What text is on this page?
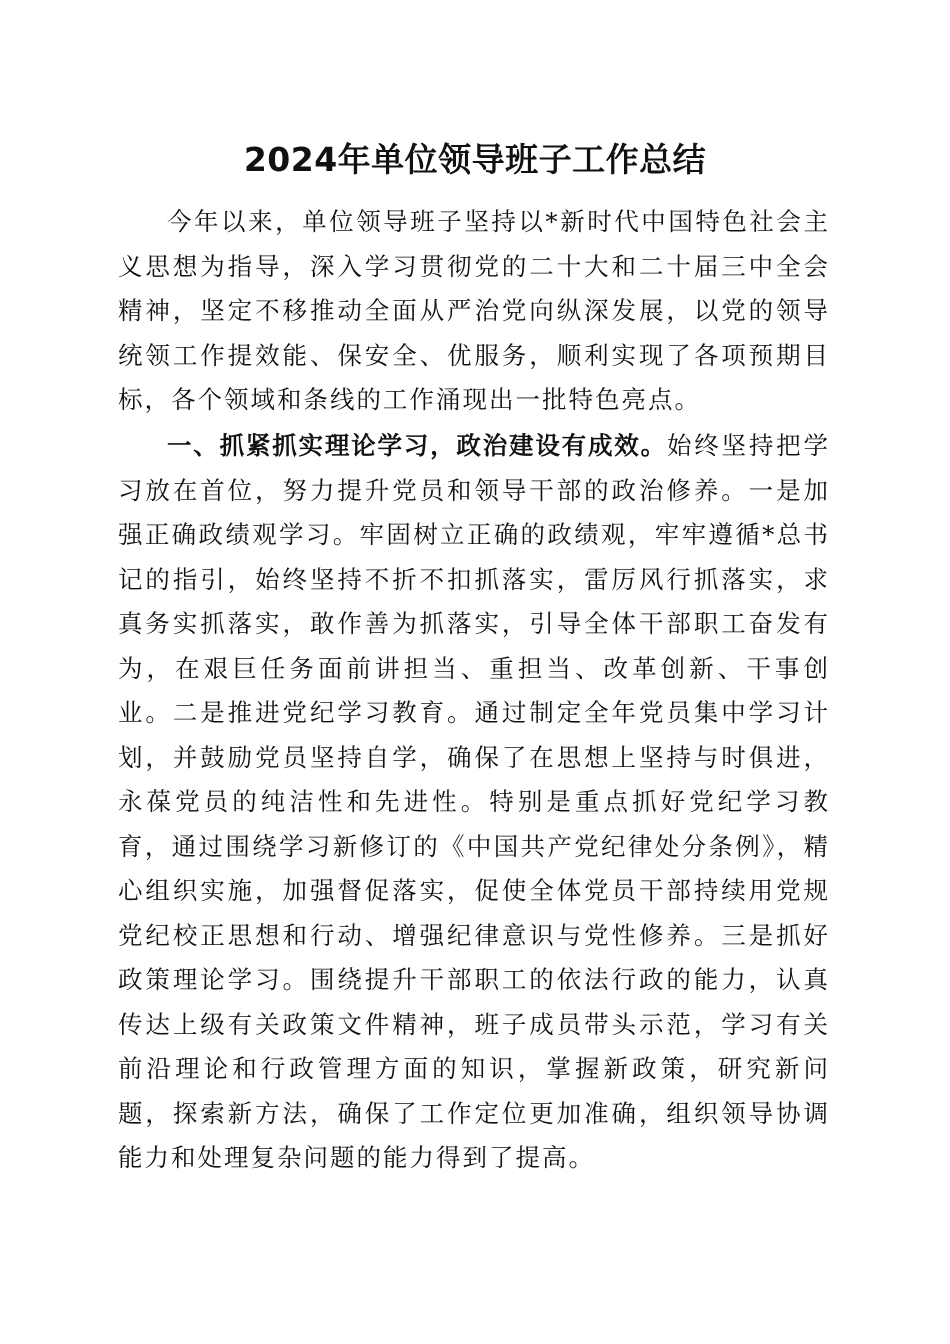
2024年单位领导班子工作总结

今年以来，单位领导班子坚持以*新时代中国特色社会主义思想为指导，深入学习贯彻党的二十大和二十届三中全会精神，坚定不移推动全面从严治党向纵深发展，以党的领导统领工作提效能、保安全、优服务，顺利实现了各项预期目标，各个领域和条线的工作涌现出一批特色亮点。

一、抓紧抓实理论学习，政治建设有成效。始终坚持把学习放在首位，努力提升党员和领导干部的政治修养。一是加强正确政绩观学习。牢固树立正确的政绩观，牢牢遵循*总书记的指引，始终坚持不折不扣抓落实，雷厉风行抓落实，求真务实抓落实，敢作善为抓落实，引导全体干部职工奋发有为，在艰巨任务面前讲担当、重担当、改革创新、干事创业。二是推进党纪学习教育。通过制定全年党员集中学习计划，并鼓励党员坚持自学，确保了在思想上坚持与时俱进，永葆党员的纯洁性和先进性。特别是重点抓好党纪学习教育，通过围绕学习新修订的《中国共产党纪律处分条例》，精心组织实施，加强督促落实，促使全体党员干部持续用党规党纪校正思想和行动、增强纪律意识与党性修养。三是抓好政策理论学习。围绕提升干部职工的依法行政的能力，认真传达上级有关政策文件精神，班子成员带头示范，学习有关前沿理论和行政管理方面的知识，掌握新政策，研究新问题，探索新方法，确保了工作定位更加准确，组织领导协调能力和处理复杂问题的能力得到了提高。
